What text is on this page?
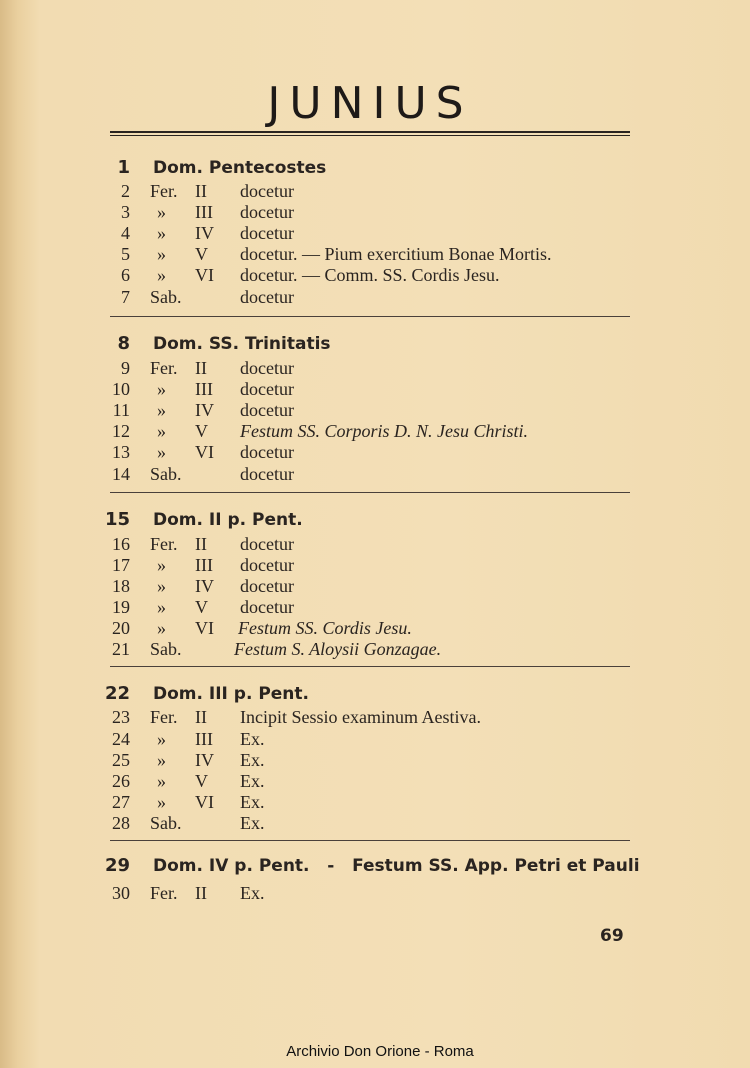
JUNIUS
1 Dom. Pentecostes
2 Fer. II docetur
3 » III docetur
4 » IV docetur
5 » V docetur. — Pium exercitium Bonae Mortis.
6 » VI docetur. — Comm. SS. Cordis Jesu.
7 Sab.	docetur
8 Dom. SS. Trinitatis
9 Fer. II docetur
10 » III docetur
11 » IV docetur
12 » V Festum SS. Corporis D. N. Jesu Christi.
13 » VI docetur
14 Sab.	docetur
15 Dom. II p. Pent.
16 Fer. II docetur
17 » III docetur
18 » IV docetur
19 » V docetur
20 » VI Festum SS. Cordis Jesu.
21 Sab.	Festum S. Aloysii Gonzagae.
22 Dom. III p. Pent.
23 Fer. II Incipit Sessio examinum Aestiva.
24 » III Ex.
25 » IV Ex.
26 » V Ex.
27 » VI Ex.
28 Sab.	Ex.
29 Dom. IV p. Pent.   -   Festum SS. App. Petri et Pauli
30 Fer. II Ex.
69
Archivio Don Orione - Roma
